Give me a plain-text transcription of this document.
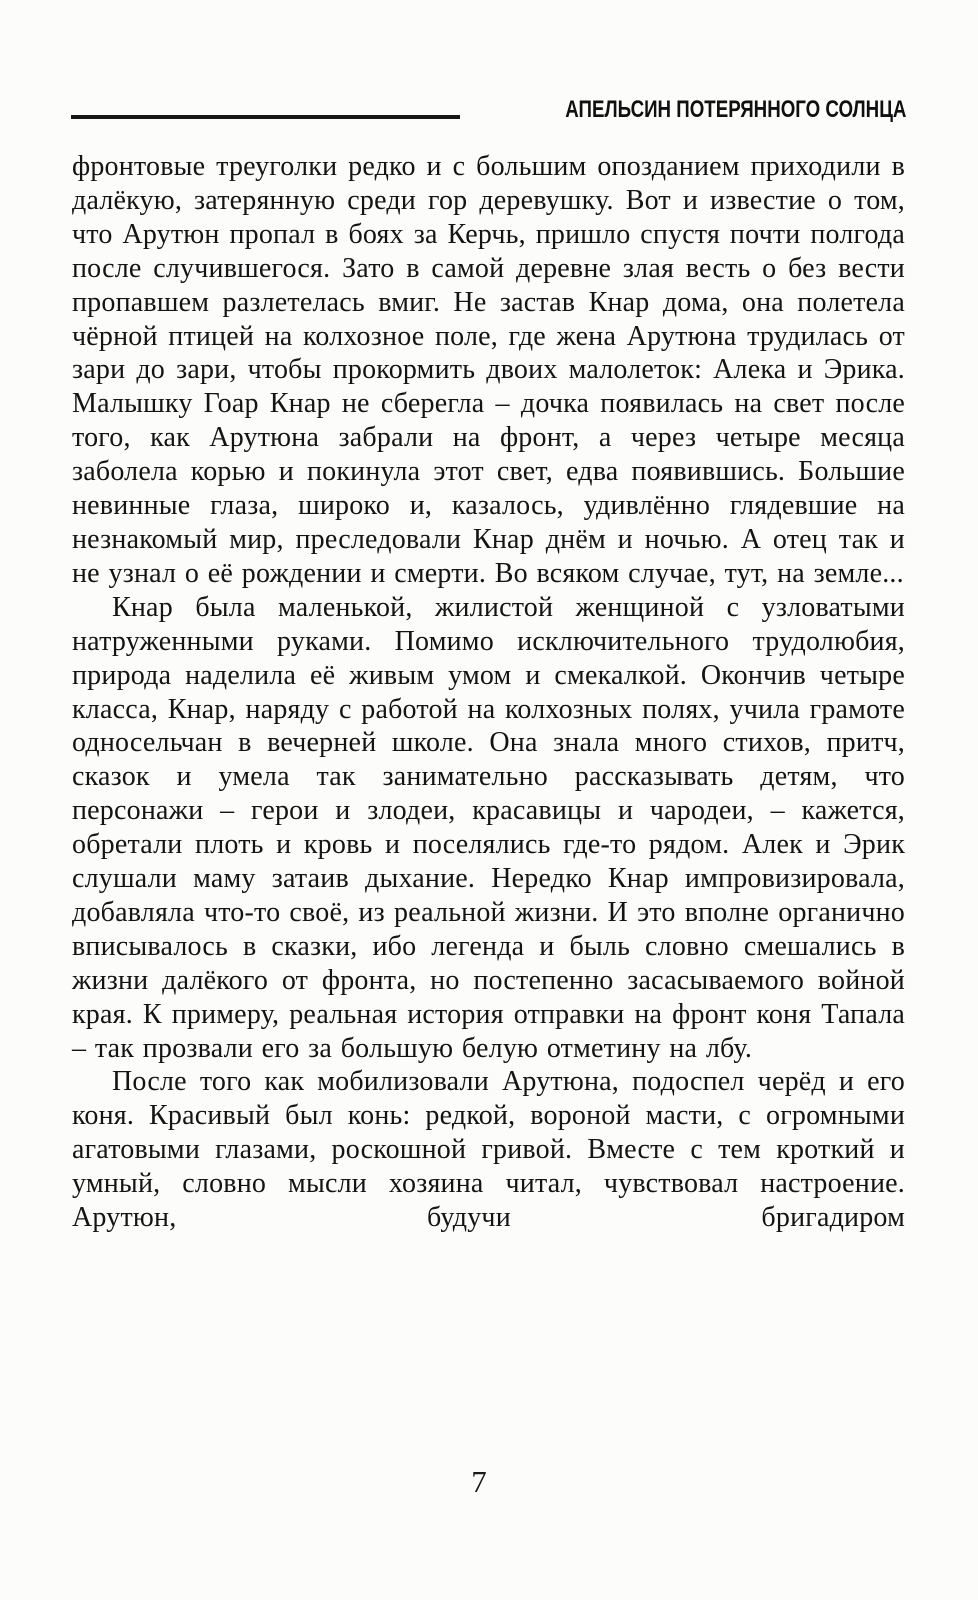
АПЕЛЬСИН ПОТЕРЯННОГО СОЛНЦА

фронтовые треуголки редко и с большим опозданием приходили в далёкую, затерянную среди гор деревушку. Вот и известие о том, что Арутюн пропал в боях за Керчь, пришло спустя почти полгода после случившегося. Зато в самой деревне злая весть о без вести пропавшем разлетелась вмиг. Не застав Кнар дома, она полетела чёрной птицей на колхозное поле, где жена Арутюна трудилась от зари до зари, чтобы прокормить двоих малолеток: Алека и Эрика. Малышку Гоар Кнар не сберегла – дочка появилась на свет после того, как Арутюна забрали на фронт, а через четыре месяца заболела корью и покинула этот свет, едва появившись. Большие невинные глаза, широко и, казалось, удивлённо глядевшие на незнакомый мир, преследовали Кнар днём и ночью. А отец так и не узнал о её рождении и смерти. Во всяком случае, тут, на земле...

Кнар была маленькой, жилистой женщиной с узловатыми натруженными руками. Помимо исключительного трудолюбия, природа наделила её живым умом и смекалкой. Окончив четыре класса, Кнар, наряду с работой на колхозных полях, учила грамоте односельчан в вечерней школе. Она знала много стихов, притч, сказок и умела так занимательно рассказывать детям, что персонажи – герои и злодеи, красавицы и чародеи, – кажется, обретали плоть и кровь и поселялись где-то рядом. Алек и Эрик слушали маму затаив дыхание. Нередко Кнар импровизировала, добавляла что-то своё, из реальной жизни. И это вполне органично вписывалось в сказки, ибо легенда и быль словно смешались в жизни далёкого от фронта, но постепенно засасываемого войной края. К примеру, реальная история отправки на фронт коня Тапала – так прозвали его за большую белую отметину на лбу.

После того как мобилизовали Арутюна, подоспел черёд и его коня. Красивый был конь: редкой, вороной масти, с огромными агатовыми глазами, роскошной гривой. Вместе с тем кроткий и умный, словно мысли хозяина читал, чувствовал настроение. Арутюн, будучи бригадиром

7
